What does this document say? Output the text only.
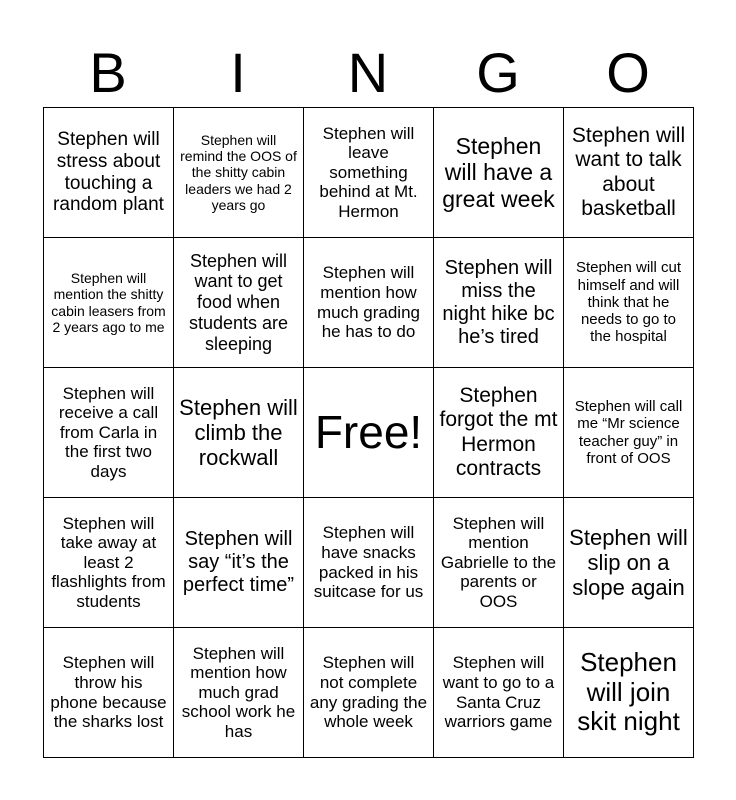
B	I	N	G	O
Stephen will stress about touching a random plant	Stephen will remind the OOS of the shitty cabin leaders we had 2 years go	Stephen will leave something behind at Mt. Hermon	Stephen will have a great week	Stephen will want to talk about basketball
Stephen will mention the shitty cabin leasers from 2 years ago to me	Stephen will want to get food when students are sleeping	Stephen will mention how much grading he has to do	Stephen will miss the night hike bc he’s tired	Stephen will cut himself and will think that he needs to go to the hospital
Stephen will receive a call from Carla in the first two days	Stephen will climb the rockwall	Free!	Stephen forgot the mt Hermon contracts	Stephen will call me “Mr science teacher guy” in front of OOS
Stephen will take away at least 2 flashlights from students	Stephen will say “it’s the perfect time”	Stephen will have snacks packed in his suitcase for us	Stephen will mention Gabrielle to the parents or OOS	Stephen will slip on a slope again
Stephen will throw his phone because the sharks lost	Stephen will mention how much grad school work he has	Stephen will not complete any grading the whole week	Stephen will want to go to a Santa Cruz warriors game	Stephen will join skit night
